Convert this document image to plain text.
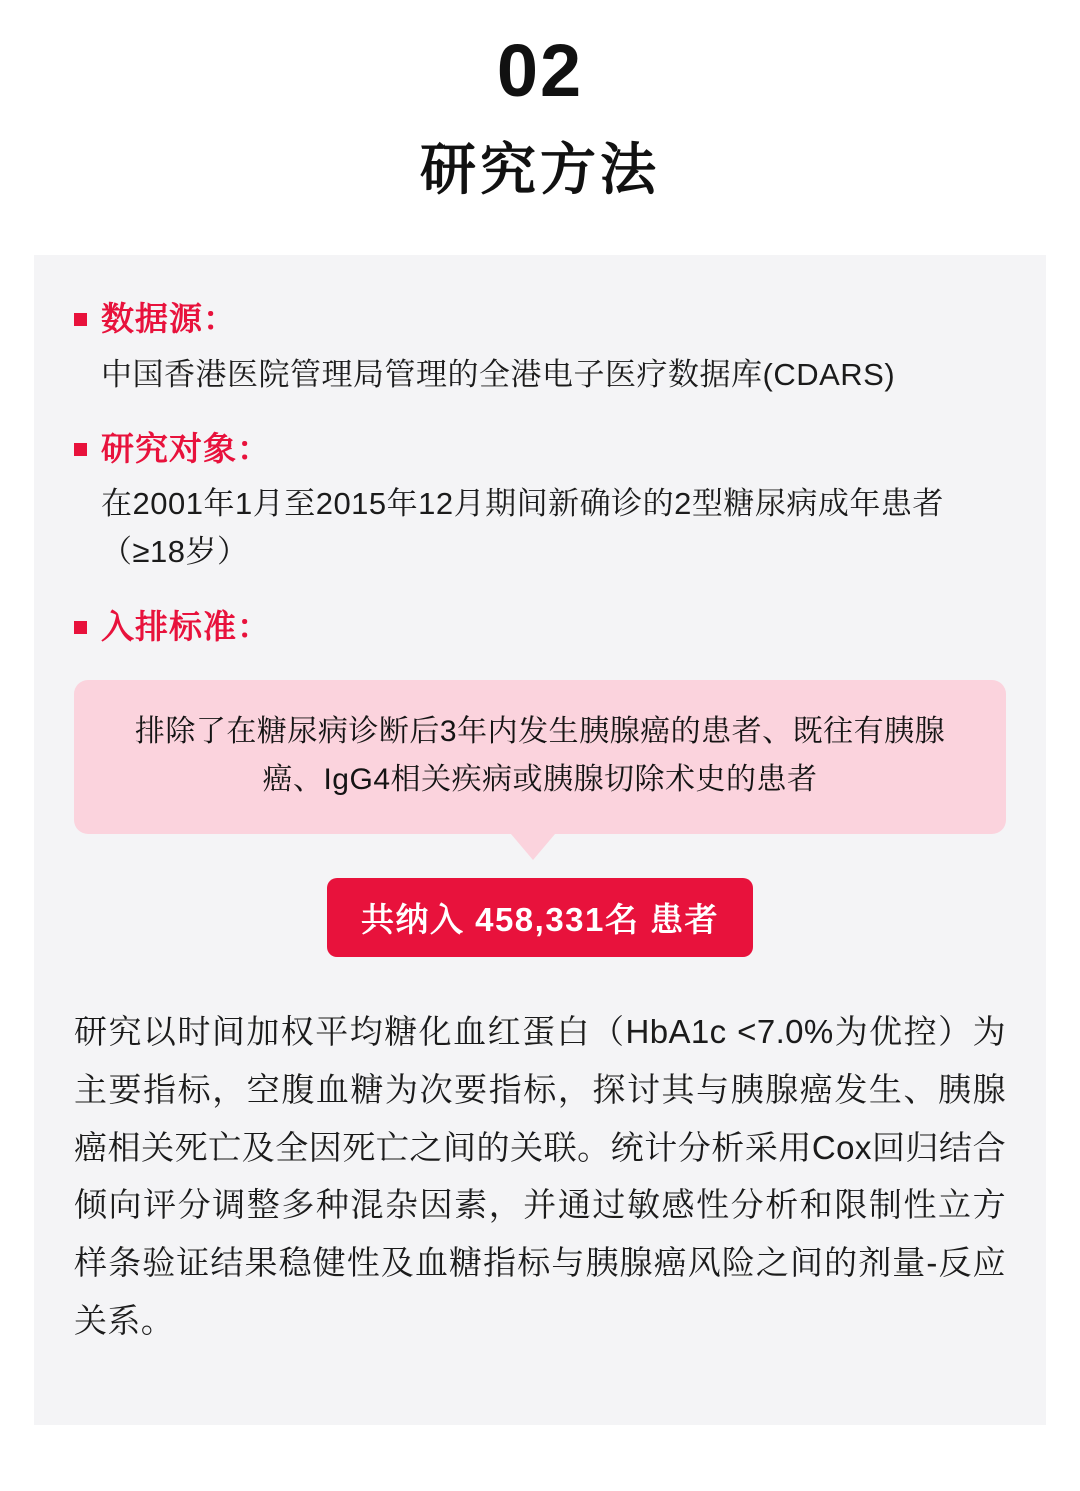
02
研究方法
数据源：
中国香港医院管理局管理的全港电子医疗数据库(CDARS)
研究对象：
在2001年1月至2015年12月期间新确诊的2型糖尿病成年患者（≥18岁）
入排标准：
排除了在糖尿病诊断后3年内发生胰腺癌的患者、既往有胰腺癌、IgG4相关疾病或胰腺切除术史的患者
共纳入 458,331名 患者
研究以时间加权平均糖化血红蛋白（HbA1c <7.0%为优控）为主要指标，空腹血糖为次要指标，探讨其与胰腺癌发生、胰腺癌相关死亡及全因死亡之间的关联。统计分析采用Cox回归结合倾向评分调整多种混杂因素，并通过敏感性分析和限制性立方样条验证结果稳健性及血糖指标与胰腺癌风险之间的剂量-反应关系。
